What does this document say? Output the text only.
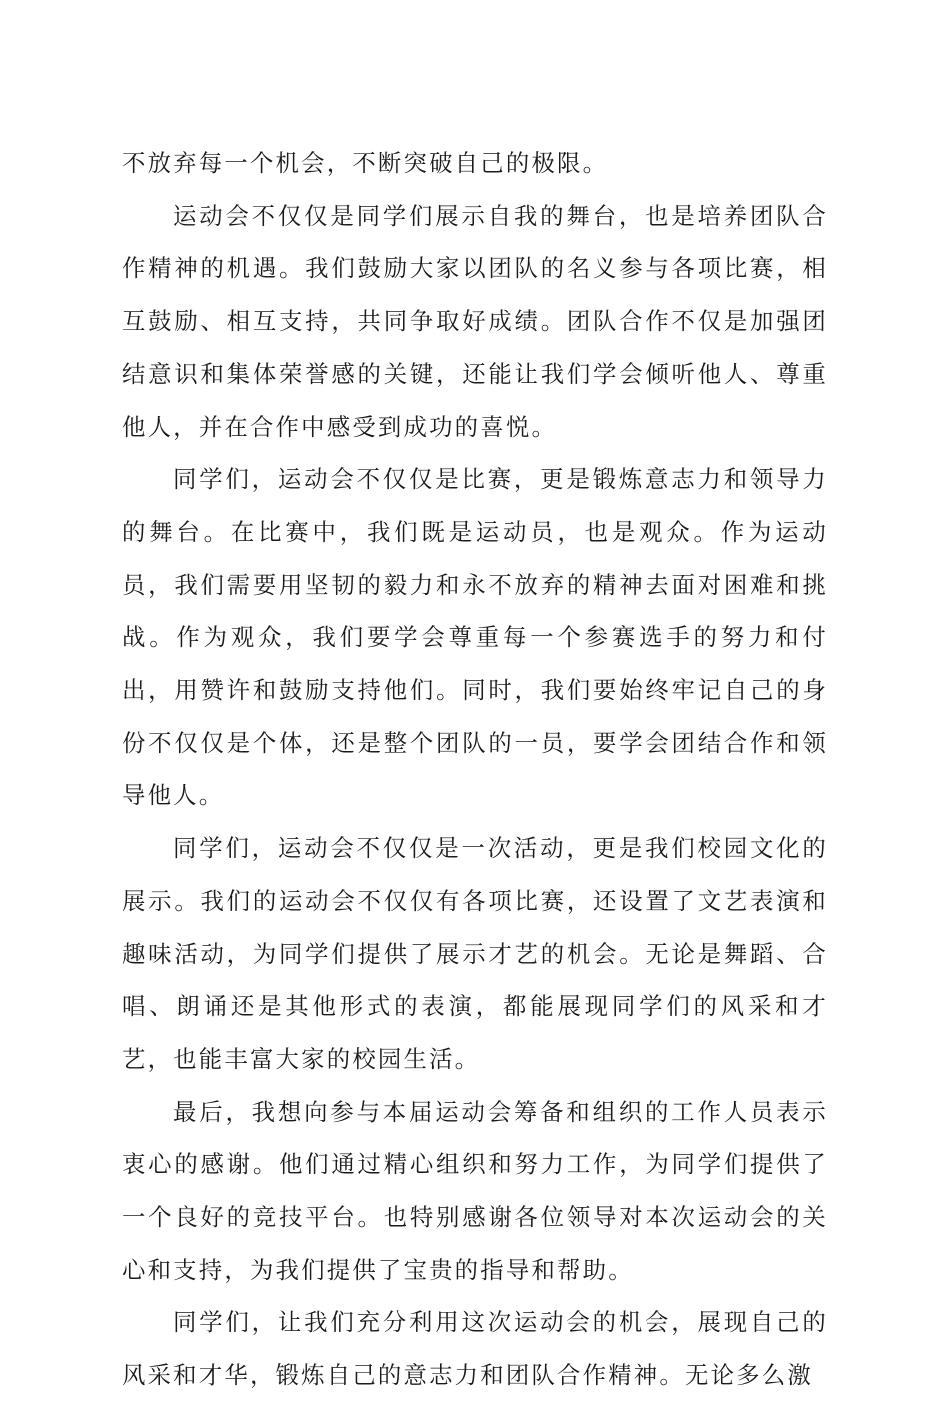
不放弃每一个机会，不断突破自己的极限。

运动会不仅仅是同学们展示自我的舞台，也是培养团队合作精神的机遇。我们鼓励大家以团队的名义参与各项比赛，相互鼓励、相互支持，共同争取好成绩。团队合作不仅是加强团结意识和集体荣誉感的关键，还能让我们学会倾听他人、尊重他人，并在合作中感受到成功的喜悦。

同学们，运动会不仅仅是比赛，更是锻炼意志力和领导力的舞台。在比赛中，我们既是运动员，也是观众。作为运动员，我们需要用坚韧的毅力和永不放弃的精神去面对困难和挑战。作为观众，我们要学会尊重每一个参赛选手的努力和付出，用赞许和鼓励支持他们。同时，我们要始终牢记自己的身份不仅仅是个体，还是整个团队的一员，要学会团结合作和领导他人。

同学们，运动会不仅仅是一次活动，更是我们校园文化的展示。我们的运动会不仅仅有各项比赛，还设置了文艺表演和趣味活动，为同学们提供了展示才艺的机会。无论是舞蹈、合唱、朗诵还是其他形式的表演，都能展现同学们的风采和才艺，也能丰富大家的校园生活。

最后，我想向参与本届运动会筹备和组织的工作人员表示衷心的感谢。他们通过精心组织和努力工作，为同学们提供了一个良好的竞技平台。也特别感谢各位领导对本次运动会的关心和支持，为我们提供了宝贵的指导和帮助。

同学们，让我们充分利用这次运动会的机会，展现自己的风采和才华，锻炼自己的意志力和团队合作精神。无论多么激
